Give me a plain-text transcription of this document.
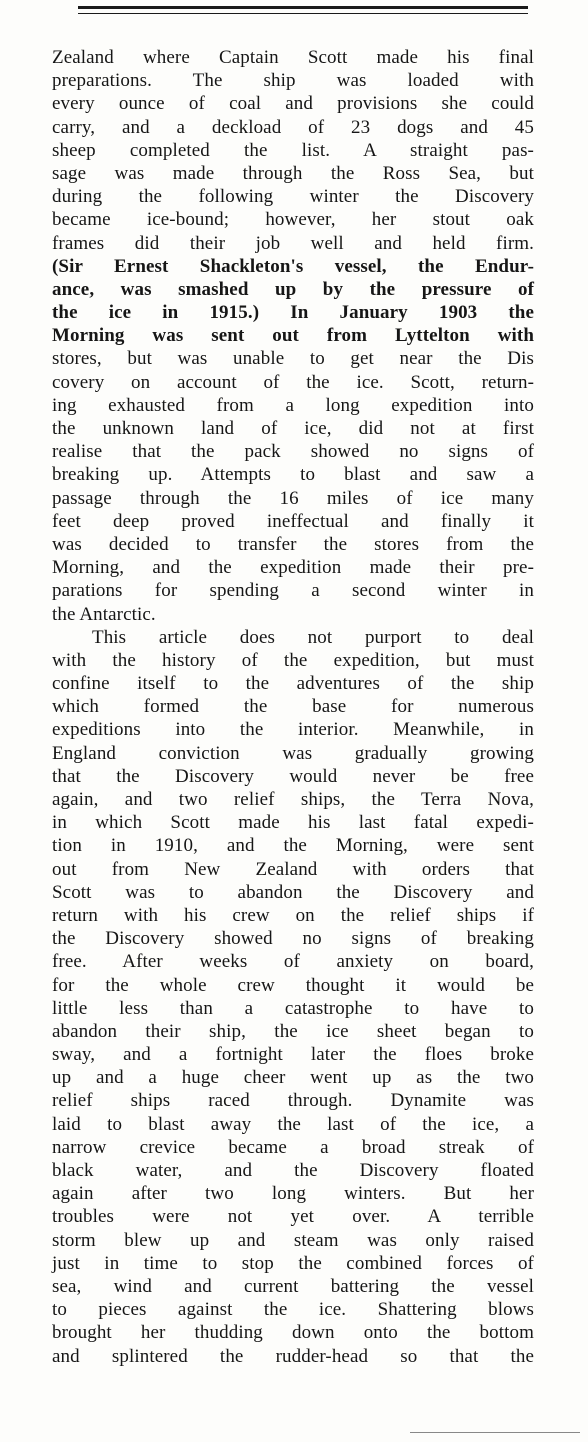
Zealand where Captain Scott made his final
preparations. The ship was loaded with
every ounce of coal and provisions she could
carry, and a deckload of 23 dogs and 45
sheep completed the list. A straight pas-
sage was made through the Ross Sea, but
during the following winter the Discovery
became ice-bound; however, her stout oak
frames did their job well and held firm.
(Sir Ernest Shackleton's vessel, the Endur-
ance, was smashed up by the pressure of
the ice in 1915.) In January 1903 the
Morning was sent out from Lyttelton with
stores, but was unable to get near the Dis
covery on account of the ice. Scott, return-
ing exhausted from a long expedition into
the unknown land of ice, did not at first
realise that the pack showed no signs of
breaking up. Attempts to blast and saw a
passage through the 16 miles of ice many
feet deep proved ineffectual and finally it
was decided to transfer the stores from the
Morning, and the expedition made their pre-
parations for spending a second winter in
the Antarctic.
This article does not purport to deal
with the history of the expedition, but must
confine itself to the adventures of the ship
which formed the base for numerous
expeditions into the interior. Meanwhile, in
England conviction was gradually growing
that the Discovery would never be free
again, and two relief ships, the Terra Nova,
in which Scott made his last fatal expedi-
tion in 1910, and the Morning, were sent
out from New Zealand with orders that
Scott was to abandon the Discovery and
return with his crew on the relief ships if
the Discovery showed no signs of breaking
free. After weeks of anxiety on board,
for the whole crew thought it would be
little less than a catastrophe to have to
abandon their ship, the ice sheet began to
sway, and a fortnight later the floes broke
up and a huge cheer went up as the two
relief ships raced through. Dynamite was
laid to blast away the last of the ice, a
narrow crevice became a broad streak of
black water, and the Discovery floated
again after two long winters. But her
troubles were not yet over. A terrible
storm blew up and steam was only raised
just in time to stop the combined forces of
sea, wind and current battering the vessel
to pieces against the ice. Shattering blows
brought her thudding down onto the bottom
and splintered the rudder-head so that the
